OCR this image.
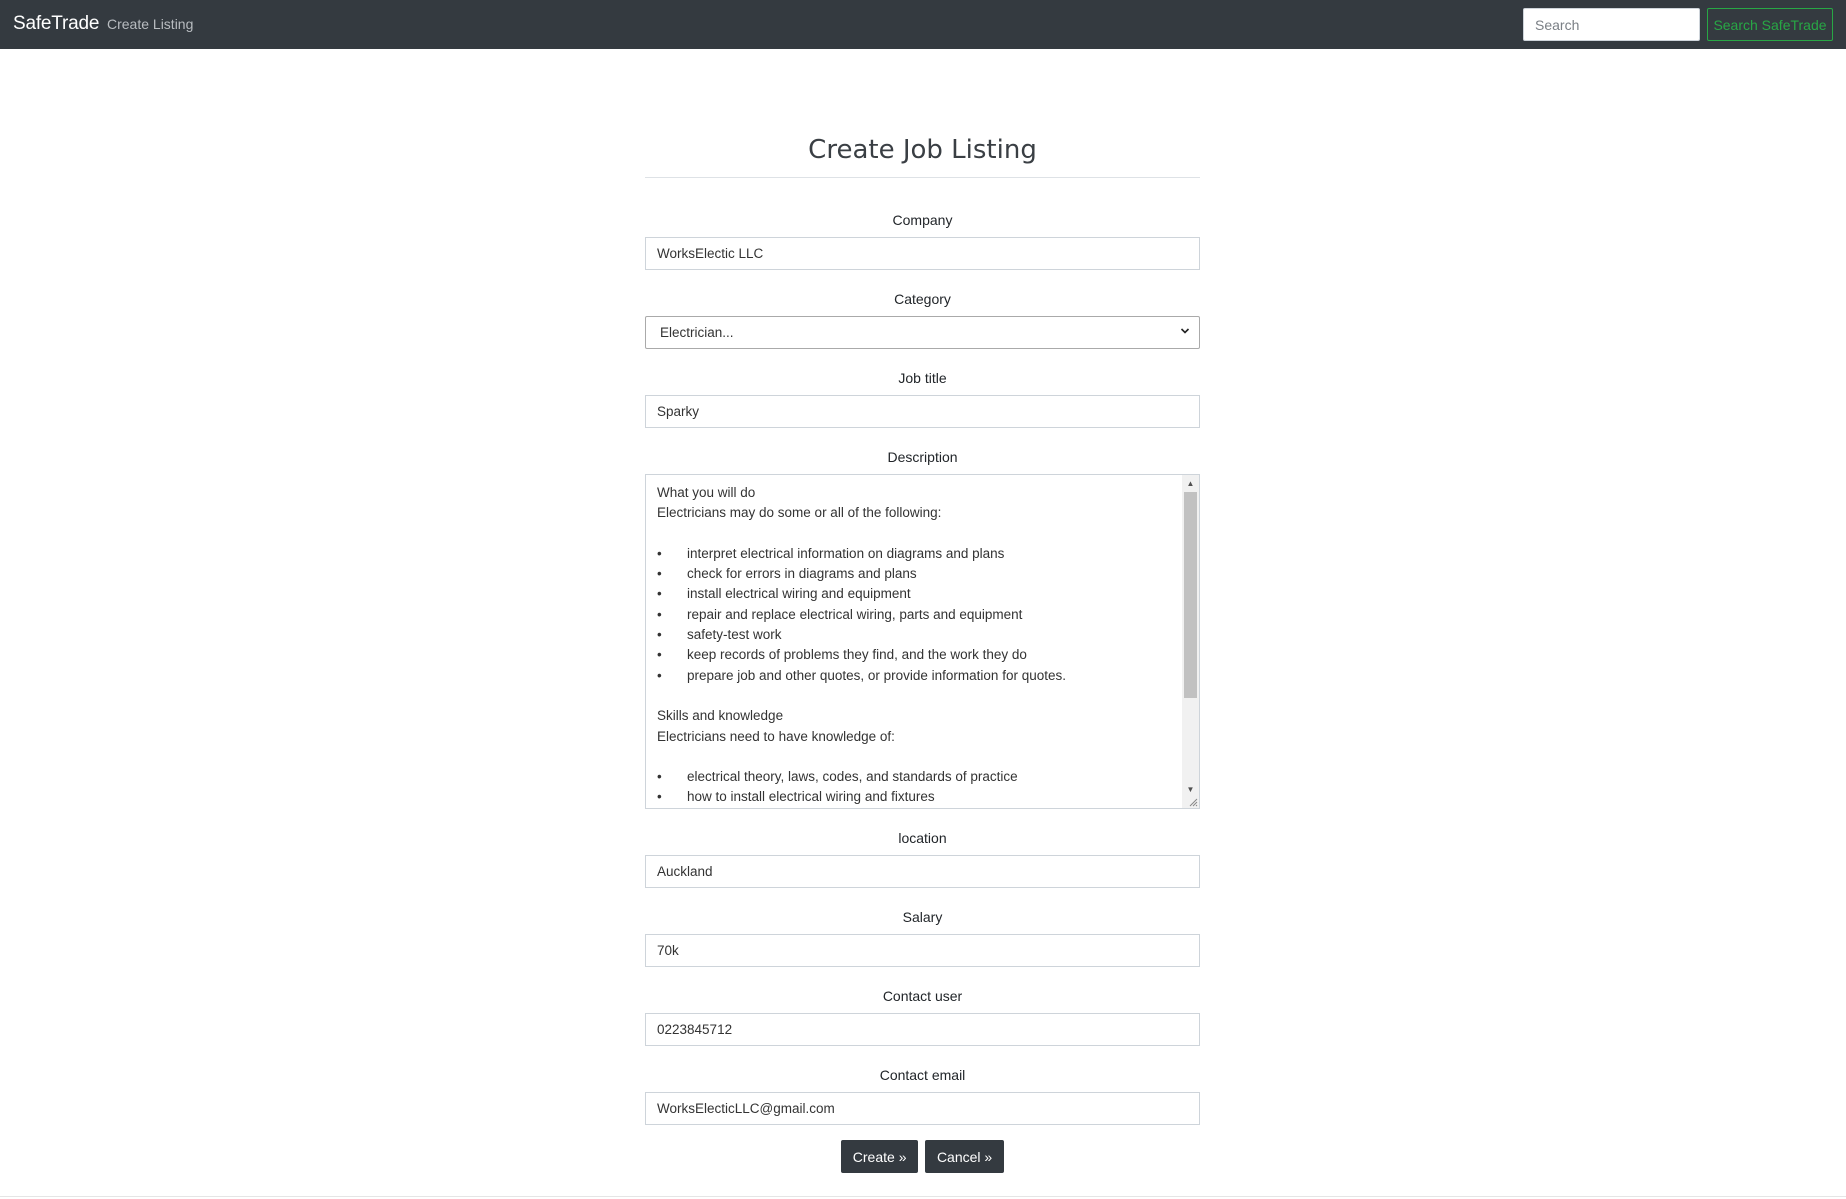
SafeTrade Create Listing
Search	Search SafeTrade
Create Job Listing
Company
WorksElectic LLC
Category
Electrician...
Job title
Sparky
Description
What you will do
Electricians may do some or all of the following:
• interpret electrical information on diagrams and plans
• check for errors in diagrams and plans
• install electrical wiring and equipment
• repair and replace electrical wiring, parts and equipment
• safety-test work
• keep records of problems they find, and the work they do
• prepare job and other quotes, or provide information for quotes.
Skills and knowledge
Electricians need to have knowledge of:
• electrical theory, laws, codes, and standards of practice
• how to install electrical wiring and fixtures
▲
▼
location
Auckland
Salary
70k
Contact user
0223845712
Contact email
WorksElecticLLC@gmail.com
Create » Cancel »
